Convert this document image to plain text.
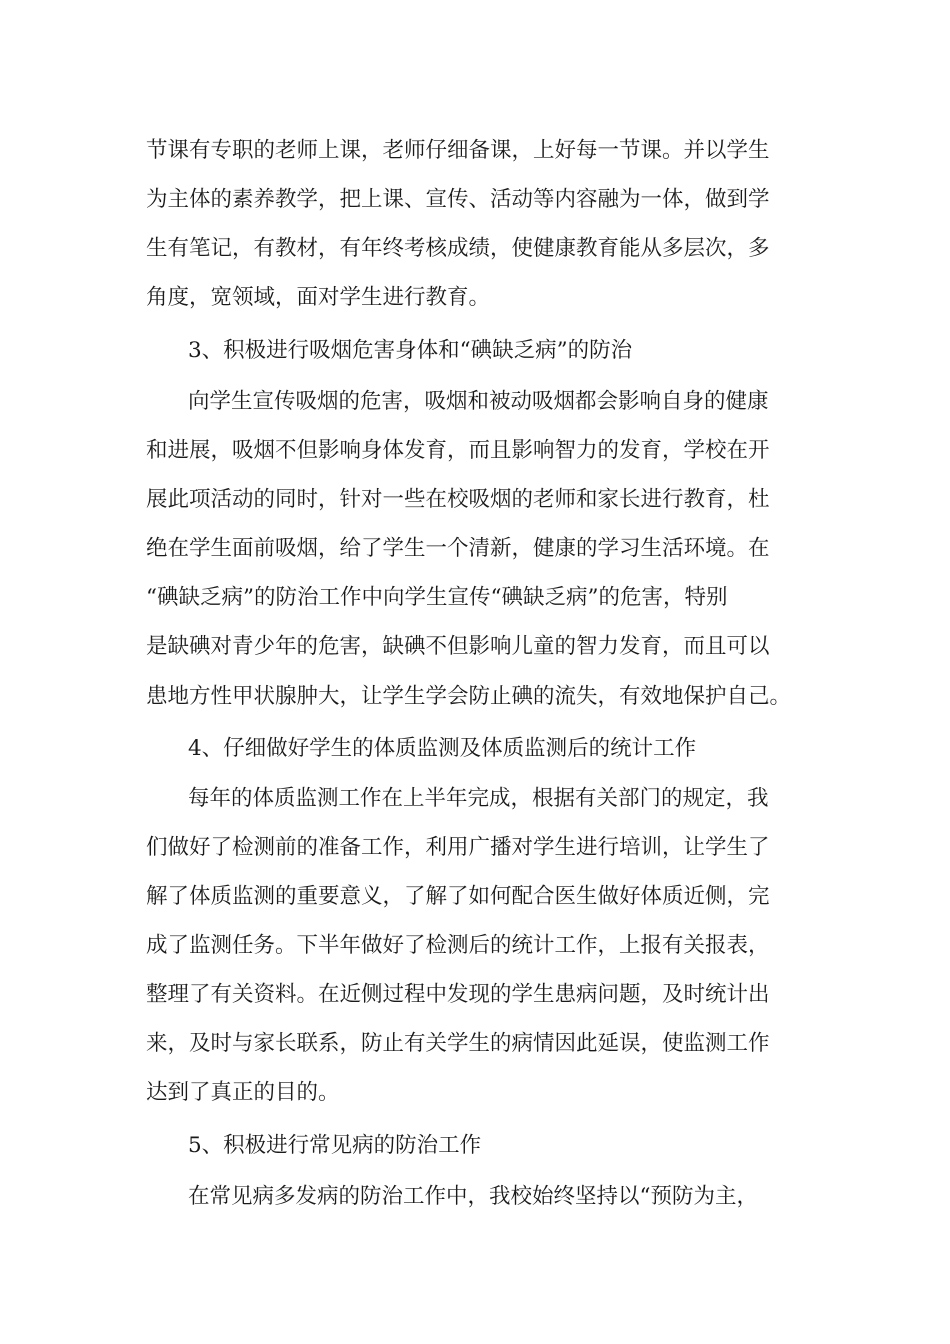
节课有专职的老师上课，老师仔细备课，上好每一节课。并以学生
为主体的素养教学，把上课、宣传、活动等内容融为一体，做到学
生有笔记，有教材，有年终考核成绩，使健康教育能从多层次，多
角度，宽领域，面对学生进行教育。
3、积极进行吸烟危害身体和“碘缺乏病”的防治
向学生宣传吸烟的危害，吸烟和被动吸烟都会影响自身的健康
和进展，吸烟不但影响身体发育，而且影响智力的发育，学校在开
展此项活动的同时，针对一些在校吸烟的老师和家长进行教育，杜
绝在学生面前吸烟，给了学生一个清新，健康的学习生活环境。在
“碘缺乏病”的防治工作中向学生宣传“碘缺乏病”的危害，特别
是缺碘对青少年的危害，缺碘不但影响儿童的智力发育，而且可以
患地方性甲状腺肿大，让学生学会防止碘的流失，有效地保护自己。
4、仔细做好学生的体质监测及体质监测后的统计工作
每年的体质监测工作在上半年完成，根据有关部门的规定，我
们做好了检测前的准备工作，利用广播对学生进行培训，让学生了
解了体质监测的重要意义，了解了如何配合医生做好体质近侧，完
成了监测任务。下半年做好了检测后的统计工作，上报有关报表，
整理了有关资料。在近侧过程中发现的学生患病问题，及时统计出
来，及时与家长联系，防止有关学生的病情因此延误，使监测工作
达到了真正的目的。
5、积极进行常见病的防治工作
在常见病多发病的防治工作中，我校始终坚持以“预防为主，
